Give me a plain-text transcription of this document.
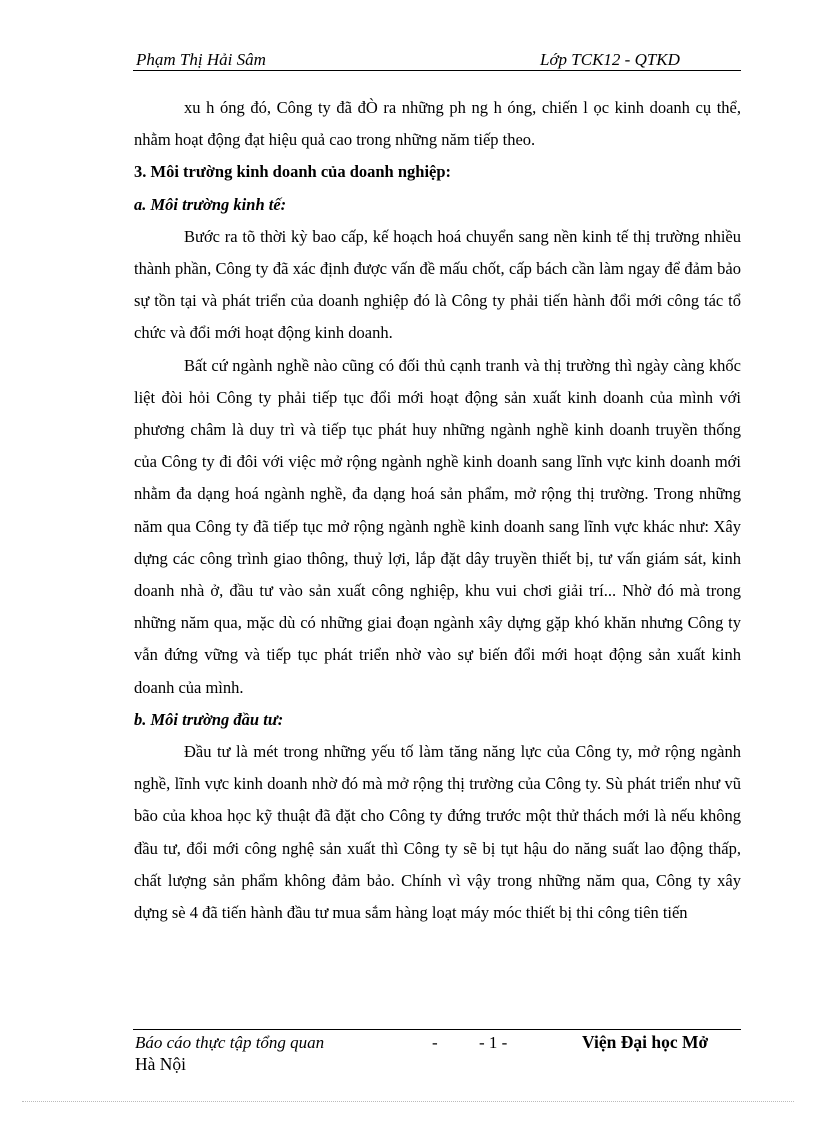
Phạm Thị Hải Sâm	Lớp TCK12 - QTKD

xu h óng đó, Công ty đã đÒ ra những ph ng h óng, chiến l ọc kinh doanh cụ thể, nhằm hoạt động đạt hiệu quả cao trong những năm tiếp theo.

3. Môi trường kinh doanh của doanh nghiệp:

a. Môi trường kinh tế:

Bước ra tõ thời kỳ bao cấp, kế hoạch hoá chuyển sang nền kinh tế thị trường nhiều thành phần, Công ty đã xác định được vấn đề mấu chốt, cấp bách cần làm ngay để đảm bảo sự tồn tại và phát triển của doanh nghiệp đó là Công ty phải tiến hành đổi mới công tác tổ chức và đổi mới hoạt động kinh doanh.

Bất cứ ngành nghề nào cũng có đối thủ cạnh tranh và thị trường thì ngày càng khốc liệt đòi hỏi Công ty phải tiếp tục đổi mới hoạt động sản xuất kinh doanh của mình với phương châm là duy trì và tiếp tục phát huy những ngành nghề kinh doanh truyền thống của Công ty đi đôi với việc mở rộng ngành nghề kinh doanh sang lĩnh vực kinh doanh mới nhằm đa dạng hoá ngành nghề, đa dạng hoá sản phẩm, mở rộng thị trường. Trong những năm qua Công ty đã tiếp tục mở rộng ngành nghề kinh doanh sang lĩnh vực khác như: Xây dựng các công trình giao thông, thuỷ lợi, lắp đặt dây truyền thiết bị, tư vấn giám sát, kinh doanh nhà ở, đầu tư vào sản xuất công nghiệp, khu vui chơi giải trí... Nhờ đó mà trong những năm qua, mặc dù có những giai đoạn ngành xây dựng gặp khó khăn nhưng Công ty vẫn đứng vững và tiếp tục phát triển nhờ vào sự biến đổi mới hoạt động sản xuất kinh doanh của mình.

b. Môi trường đầu tư:

Đầu tư là mét trong những yếu tố làm tăng năng lực của Công ty, mở rộng ngành nghề, lĩnh vực kinh doanh nhờ đó mà mở rộng thị trường của Công ty. Sù phát triển như vũ bão của khoa học kỹ thuật đã đặt cho Công ty đứng trước một thử thách mới là nếu không đầu tư, đổi mới công nghệ sản xuất thì Công ty sẽ bị tụt hậu do năng suất lao động thấp, chất lượng sản phẩm không đảm bảo. Chính vì vậy trong những năm qua, Công ty xây dựng sè 4 đã tiến hành đầu tư mua sắm hàng loạt máy móc thiết bị thi công tiên tiến

Báo cáo thực tập tổng quan	- - 1 -	Viện Đại học Mở
Hà Nội
